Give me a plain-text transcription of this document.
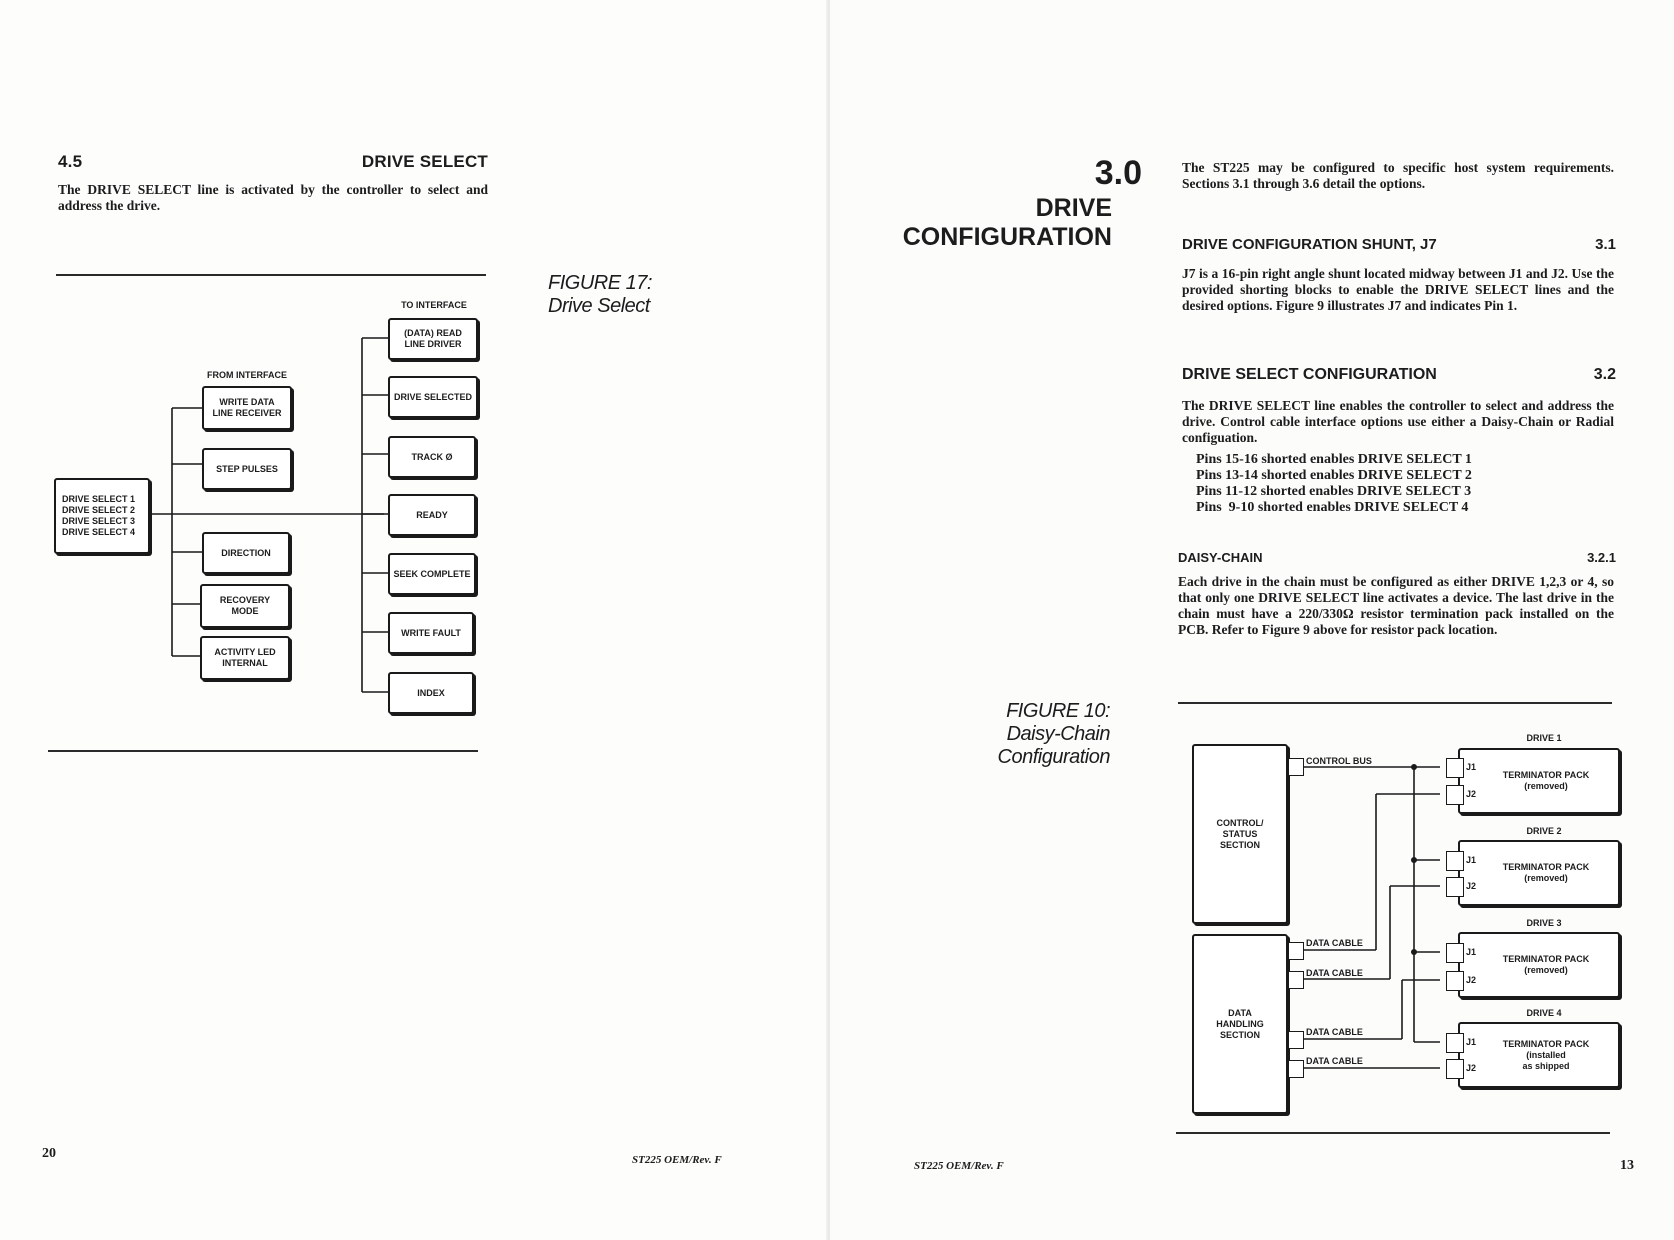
4.5	DRIVE SELECT
The DRIVE SELECT line is activated by the controller to select and address the drive.
FIGURE 17:
Drive Select
FROM INTERFACE
TO INTERFACE
DRIVE SELECT 1
DRIVE SELECT 2
DRIVE SELECT 3
DRIVE SELECT 4
WRITE DATA
LINE RECEIVER
STEP PULSES
DIRECTION
RECOVERY
MODE
ACTIVITY LED
INTERNAL
(DATA) READ
LINE DRIVER
DRIVE SELECTED
TRACK Ø
READY
SEEK COMPLETE
WRITE FAULT
INDEX
20	ST225 OEM/Rev. F
3.0
DRIVE
CONFIGURATION
The ST225 may be configured to specific host system requirements. Sections 3.1 through 3.6 detail the options.
DRIVE CONFIGURATION SHUNT, J7	3.1
J7 is a 16-pin right angle shunt located midway between J1 and J2. Use the provided shorting blocks to enable the DRIVE SELECT lines and the desired options. Figure 9 illustrates J7 and indicates Pin 1.
DRIVE SELECT CONFIGURATION	3.2
The DRIVE SELECT line enables the controller to select and address the drive. Control cable interface options use either a Daisy-Chain or Radial configuation.
Pins 15-16 shorted enables DRIVE SELECT 1
Pins 13-14 shorted enables DRIVE SELECT 2
Pins 11-12 shorted enables DRIVE SELECT 3
Pins  9-10 shorted enables DRIVE SELECT 4
DAISY-CHAIN	3.2.1
Each drive in the chain must be configured as either DRIVE 1,2,3 or 4, so that only one DRIVE SELECT line activates a device. The last drive in the chain must have a 220/330Ω resistor termination pack installed on the PCB. Refer to Figure 9 above for resistor pack location.
FIGURE 10:
Daisy-Chain
Configuration
CONTROL/
STATUS
SECTION
DATA
HANDLING
SECTION
CONTROL BUS
DATA CABLE
DATA CABLE
DATA CABLE
DATA CABLE
DRIVE 1
TERMINATOR PACK
(removed)
J1
J2
DRIVE 2
TERMINATOR PACK
(removed)
J1
J2
DRIVE 3
TERMINATOR PACK
(removed)
J1
J2
DRIVE 4
TERMINATOR PACK
(installed
as shipped
J1
J2
ST225 OEM/Rev. F	13
